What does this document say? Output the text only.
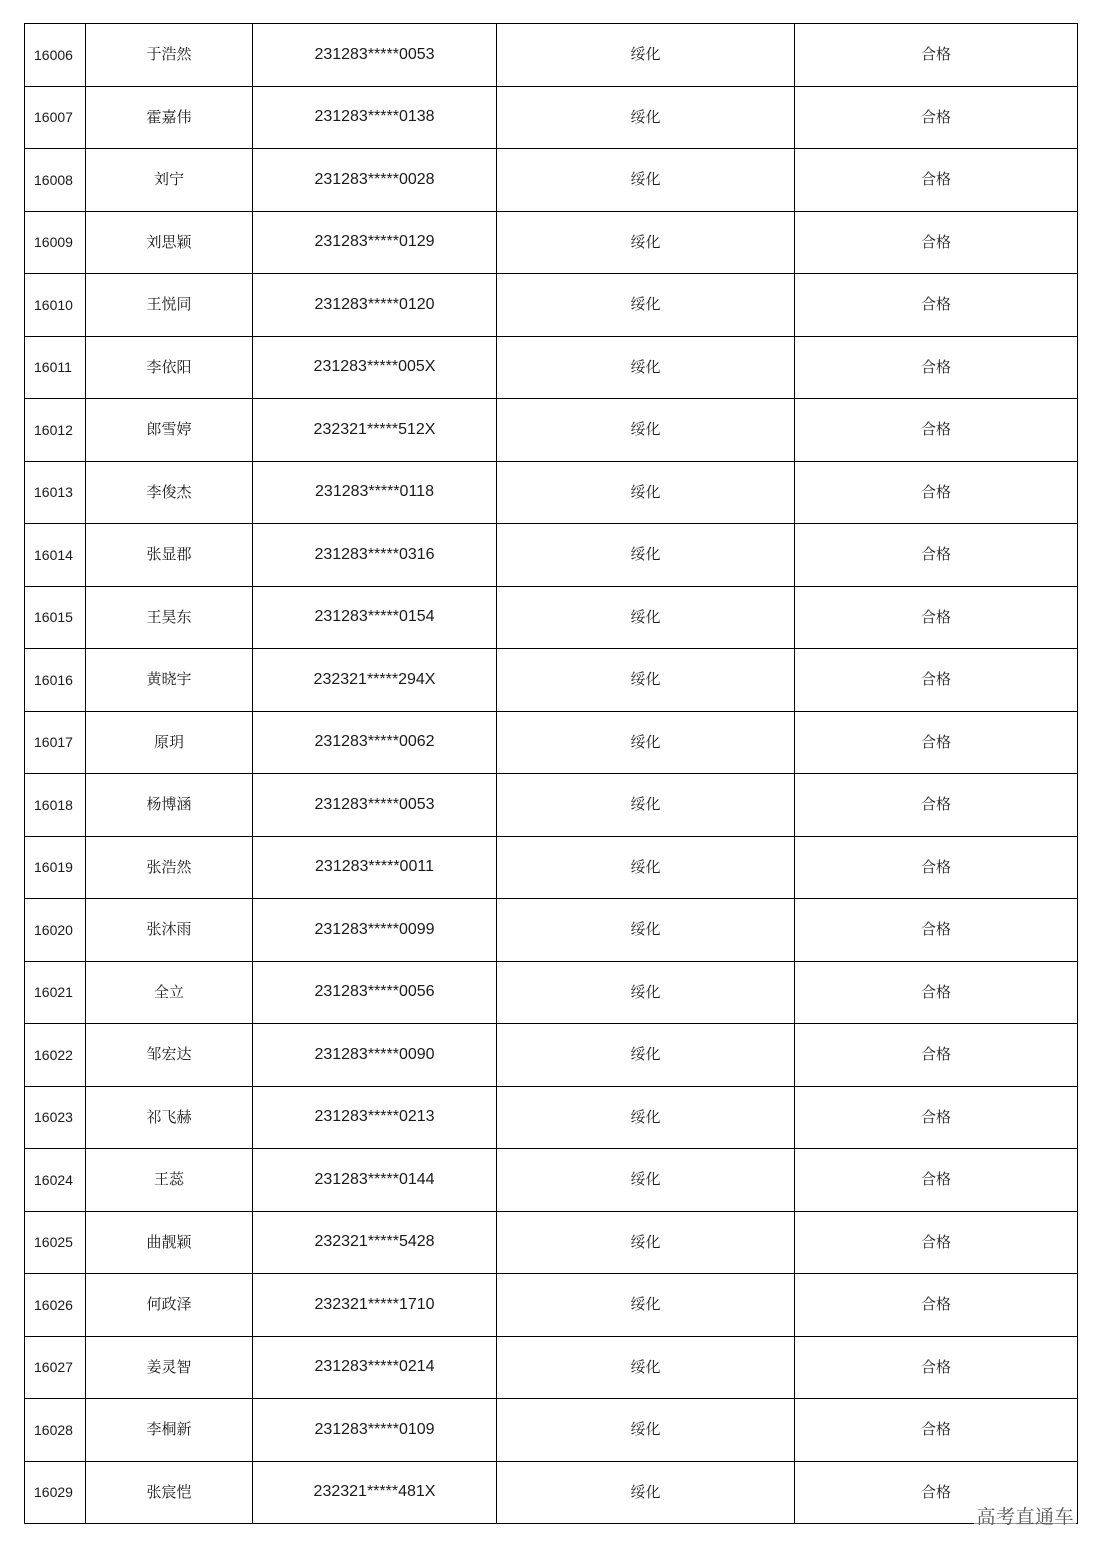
16006	于浩然	231283*****0053	绥化	合格
16007	霍嘉伟	231283*****0138	绥化	合格
16008	刘宁	231283*****0028	绥化	合格
16009	刘思颖	231283*****0129	绥化	合格
16010	王悦同	231283*****0120	绥化	合格
16011	李依阳	231283*****005X	绥化	合格
16012	郎雪婷	232321*****512X	绥化	合格
16013	李俊杰	231283*****0118	绥化	合格
16014	张显郡	231283*****0316	绥化	合格
16015	王昊东	231283*****0154	绥化	合格
16016	黄晓宇	232321*****294X	绥化	合格
16017	原玥	231283*****0062	绥化	合格
16018	杨博涵	231283*****0053	绥化	合格
16019	张浩然	231283*****0011	绥化	合格
16020	张沐雨	231283*****0099	绥化	合格
16021	全立	231283*****0056	绥化	合格
16022	邹宏达	231283*****0090	绥化	合格
16023	祁飞赫	231283*****0213	绥化	合格
16024	王蕊	231283*****0144	绥化	合格
16025	曲靓颖	232321*****5428	绥化	合格
16026	何政泽	232321*****1710	绥化	合格
16027	姜灵智	231283*****0214	绥化	合格
16028	李桐新	231283*****0109	绥化	合格
16029	张宸恺	232321*****481X	绥化	合格
高考直通车
